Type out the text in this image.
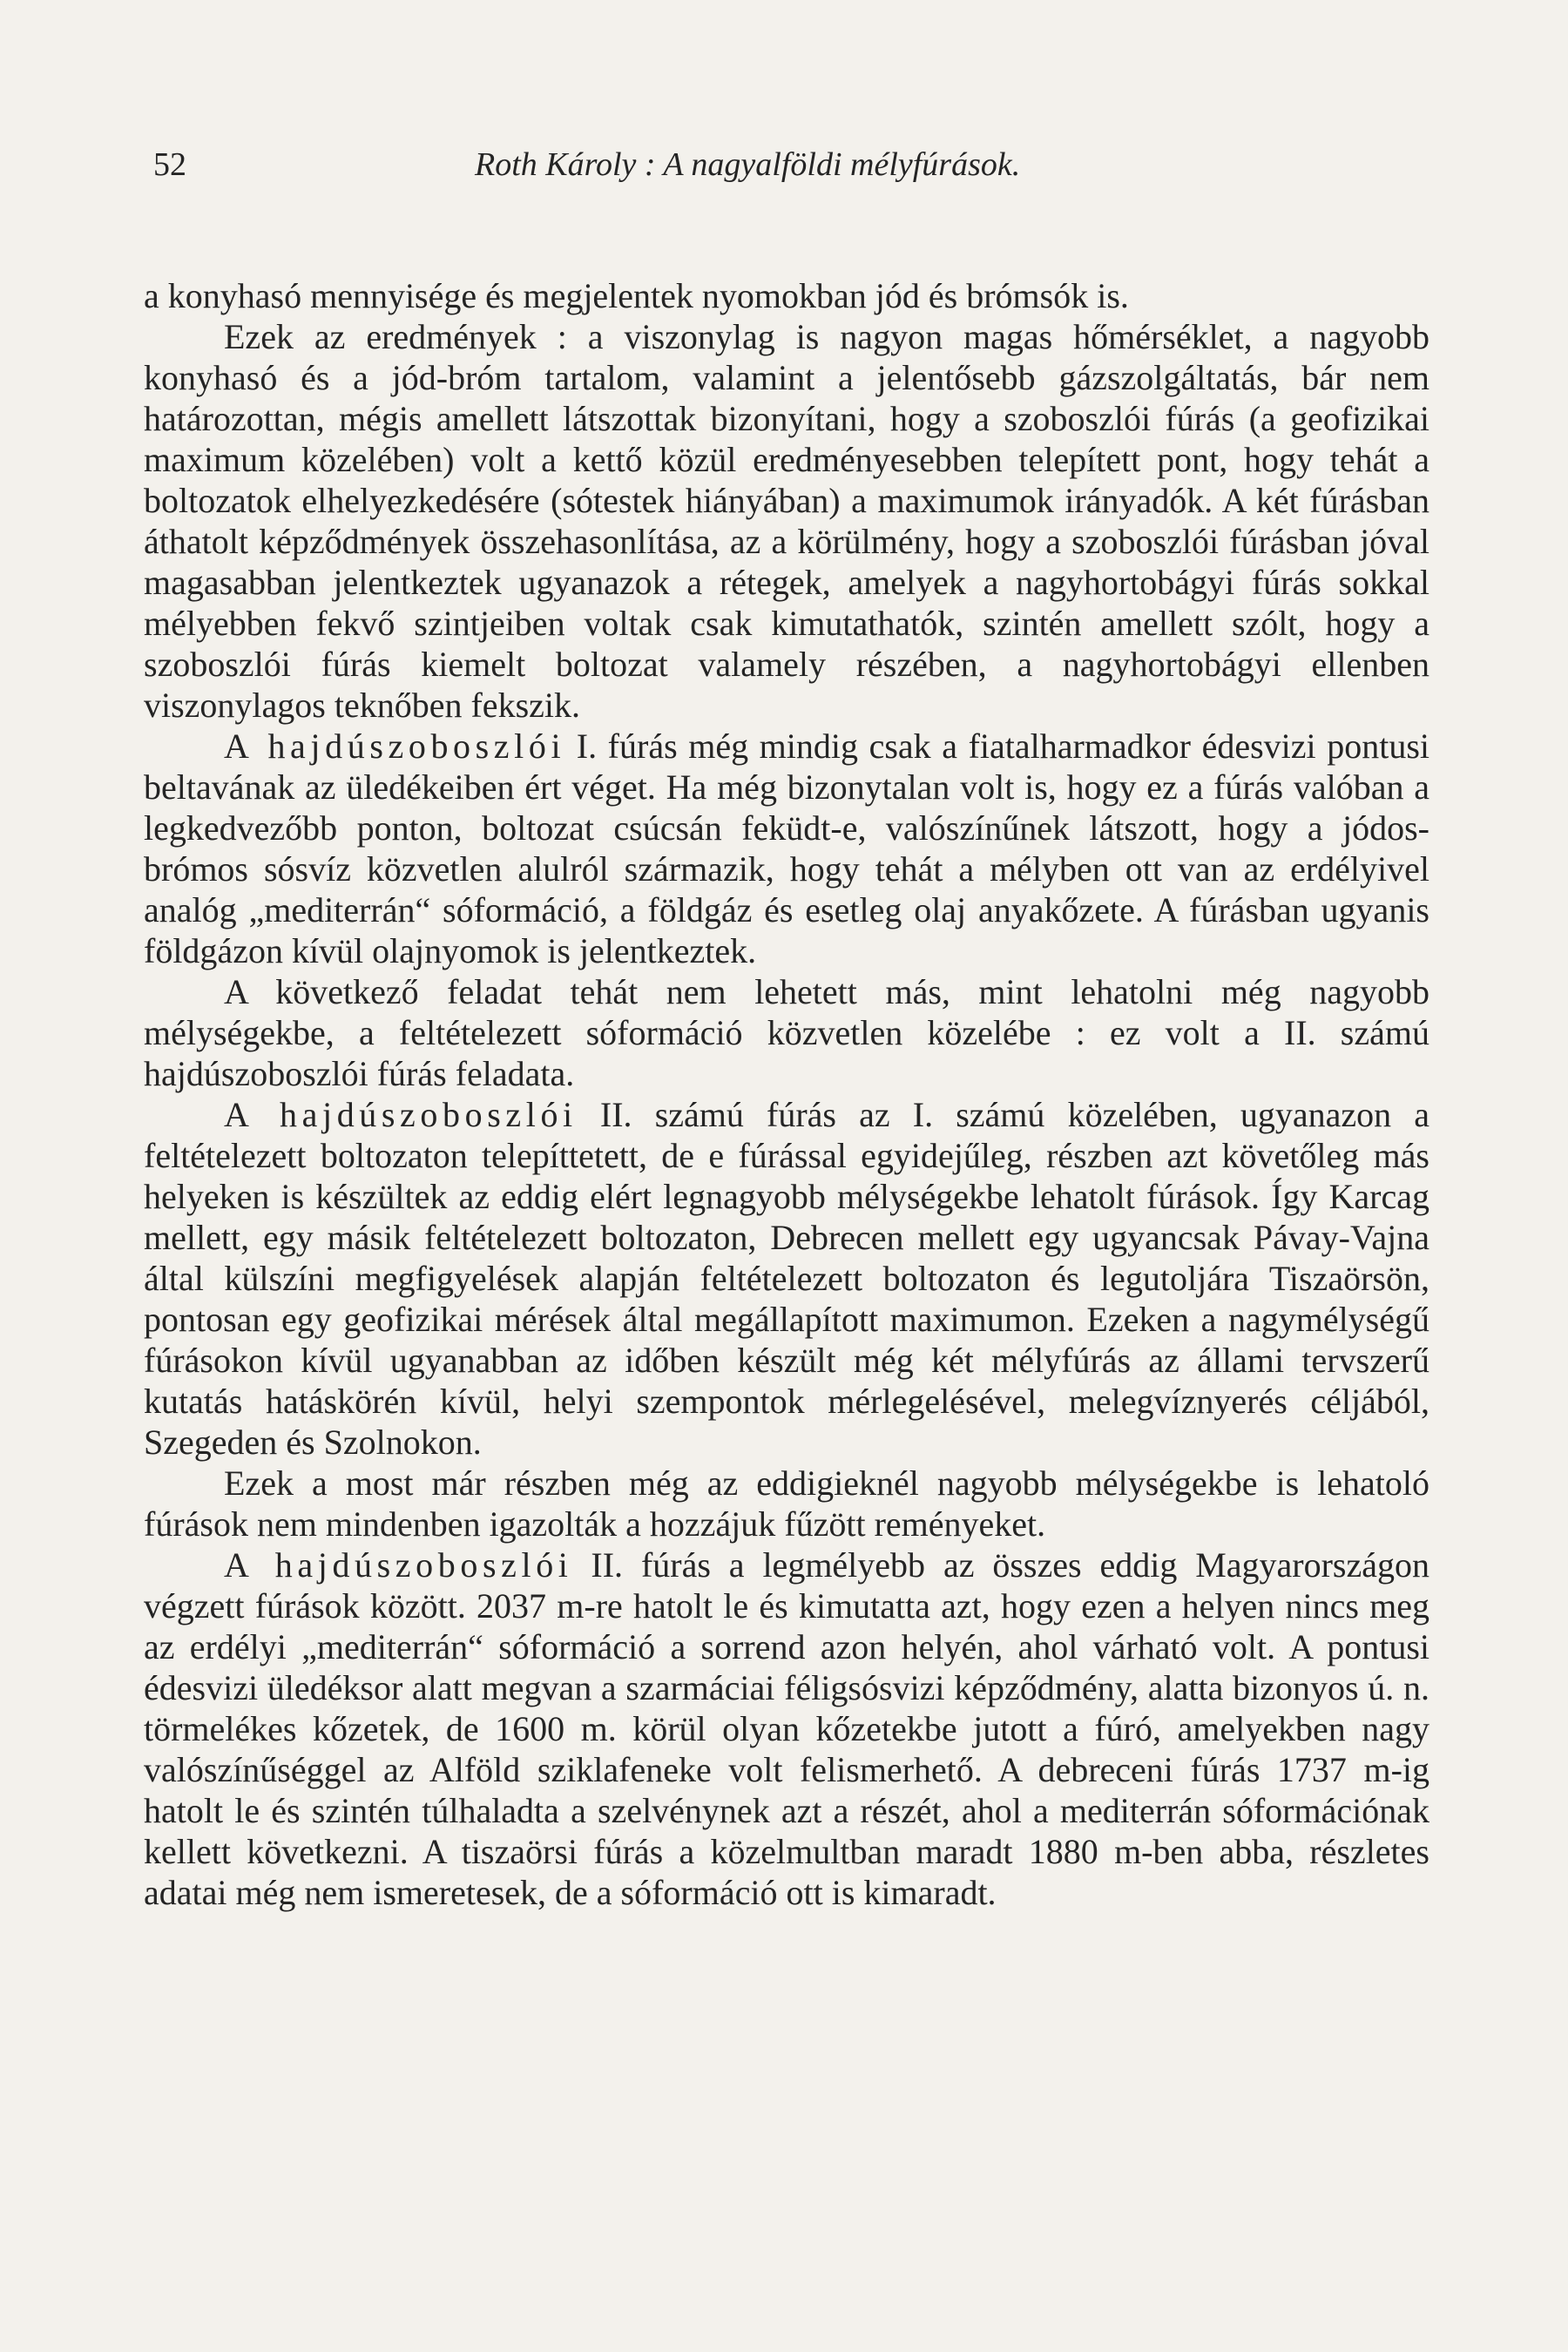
52	Roth Károly : A nagyalföldi mélyfúrások.

a konyhasó mennyisége és megjelentek nyomokban jód és brómsók is.

Ezek az eredmények : a viszonylag is nagyon magas hőmérséklet, a nagyobb konyhasó és a jód-bróm tartalom, valamint a jelentősebb gázszolgáltatás, bár nem határozottan, mégis amellett látszottak bizonyítani, hogy a szoboszlói fúrás (a geofizikai maximum közelében) volt a kettő közül eredményesebben telepített pont, hogy tehát a boltozatok elhelyezkedésére (sótestek hiányában) a maximumok irányadók. A két fúrásban áthatolt képződmények összehasonlítása, az a körülmény, hogy a szoboszlói fúrásban jóval magasabban jelentkeztek ugyanazok a rétegek, amelyek a nagyhortobágyi fúrás sokkal mélyebben fekvő szintjeiben voltak csak kimutathatók, szintén amellett szólt, hogy a szoboszlói fúrás kiemelt boltozat valamely részében, a nagyhortobágyi ellenben viszonylagos teknőben fekszik.

A hajdúszoboszlói I. fúrás még mindig csak a fiatalharmadkor édesvizi pontusi beltavának az üledékeiben ért véget. Ha még bizonytalan volt is, hogy ez a fúrás valóban a legkedvezőbb ponton, boltozat csúcsán feküdt-e, valószínűnek látszott, hogy a jódos-brómos sósvíz közvetlen alulról származik, hogy tehát a mélyben ott van az erdélyivel analóg „mediterrán“ sóformáció, a földgáz és esetleg olaj anyakőzete. A fúrásban ugyanis földgázon kívül olajnyomok is jelentkeztek.

A következő feladat tehát nem lehetett más, mint lehatolni még nagyobb mélységekbe, a feltételezett sóformáció közvetlen közelébe : ez volt a II. számú hajdúszoboszlói fúrás feladata.

A hajdúszoboszlói II. számú fúrás az I. számú közelében, ugyanazon a feltételezett boltozaton telepíttetett, de e fúrással egyidejűleg, részben azt követőleg más helyeken is készültek az eddig elért legnagyobb mélységekbe lehatolt fúrások. Így Karcag mellett, egy másik feltételezett boltozaton, Debrecen mellett egy ugyancsak Pávay-Vajna által külszíni megfigyelések alapján feltételezett boltozaton és legutoljára Tiszaörsön, pontosan egy geofizikai mérések által megállapított maximumon. Ezeken a nagymélységű fúrásokon kívül ugyanabban az időben készült még két mélyfúrás az állami tervszerű kutatás hatáskörén kívül, helyi szempontok mérlegelésével, melegvíznyerés céljából, Szegeden és Szolnokon.

Ezek a most már részben még az eddigieknél nagyobb mélységekbe is lehatoló fúrások nem mindenben igazolták a hozzájuk fűzött reményeket.

A hajdúszoboszlói II. fúrás a legmélyebb az összes eddig Magyarországon végzett fúrások között. 2037 m-re hatolt le és kimutatta azt, hogy ezen a helyen nincs meg az erdélyi „mediterrán“ sóformáció a sorrend azon helyén, ahol várható volt. A pontusi édesvizi üledéksor alatt megvan a szarmáciai féligsósvizi képződmény, alatta bizonyos ú. n. törmelékes kőzetek, de 1600 m. körül olyan kőzetekbe jutott a fúró, amelyekben nagy valószínűséggel az Alföld sziklafeneke volt felismerhető. A debreceni fúrás 1737 m-ig hatolt le és szintén túlhaladta a szelvénynek azt a részét, ahol a mediterrán sóformációnak kellett következni. A tiszaörsi fúrás a közelmultban maradt 1880 m-ben abba, részletes adatai még nem ismeretesek, de a sóformáció ott is kimaradt.
